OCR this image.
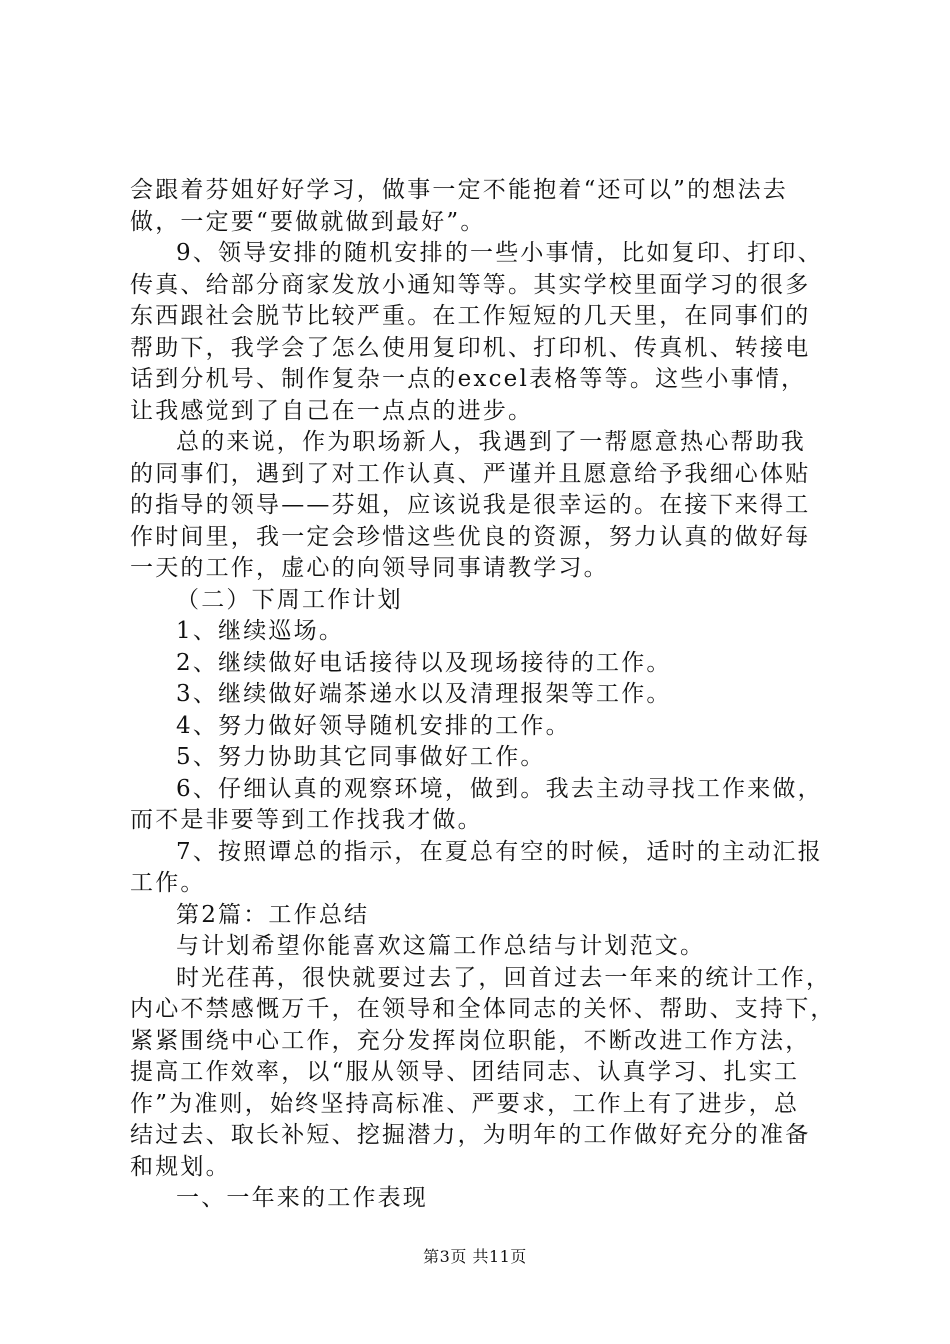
会跟着芬姐好好学习，做事一定不能抱着“还可以”的想法去
做，一定要“要做就做到最好”。
9、领导安排的随机安排的一些小事情，比如复印、打印、
传真、给部分商家发放小通知等等。其实学校里面学习的很多
东西跟社会脱节比较严重。在工作短短的几天里，在同事们的
帮助下，我学会了怎么使用复印机、打印机、传真机、转接电
话到分机号、制作复杂一点的excel表格等等。这些小事情，
让我感觉到了自己在一点点的进步。
总的来说，作为职场新人，我遇到了一帮愿意热心帮助我
的同事们，遇到了对工作认真、严谨并且愿意给予我细心体贴
的指导的领导——芬姐，应该说我是很幸运的。在接下来得工
作时间里，我一定会珍惜这些优良的资源，努力认真的做好每
一天的工作，虚心的向领导同事请教学习。
（二）下周工作计划
1、继续巡场。
2、继续做好电话接待以及现场接待的工作。
3、继续做好端茶递水以及清理报架等工作。
4、努力做好领导随机安排的工作。
5、努力协助其它同事做好工作。
6、仔细认真的观察环境，做到。我去主动寻找工作来做，
而不是非要等到工作找我才做。
7、按照谭总的指示，在夏总有空的时候，适时的主动汇报
工作。
第2篇：工作总结
与计划希望你能喜欢这篇工作总结与计划范文。
时光荏苒，很快就要过去了，回首过去一年来的统计工作，
内心不禁感慨万千，在领导和全体同志的关怀、帮助、支持下，
紧紧围绕中心工作，充分发挥岗位职能，不断改进工作方法，
提高工作效率，以“服从领导、团结同志、认真学习、扎实工
作”为准则，始终坚持高标准、严要求，工作上有了进步，总
结过去、取长补短、挖掘潜力，为明年的工作做好充分的准备
和规划。
一、一年来的工作表现
第3页 共11页
